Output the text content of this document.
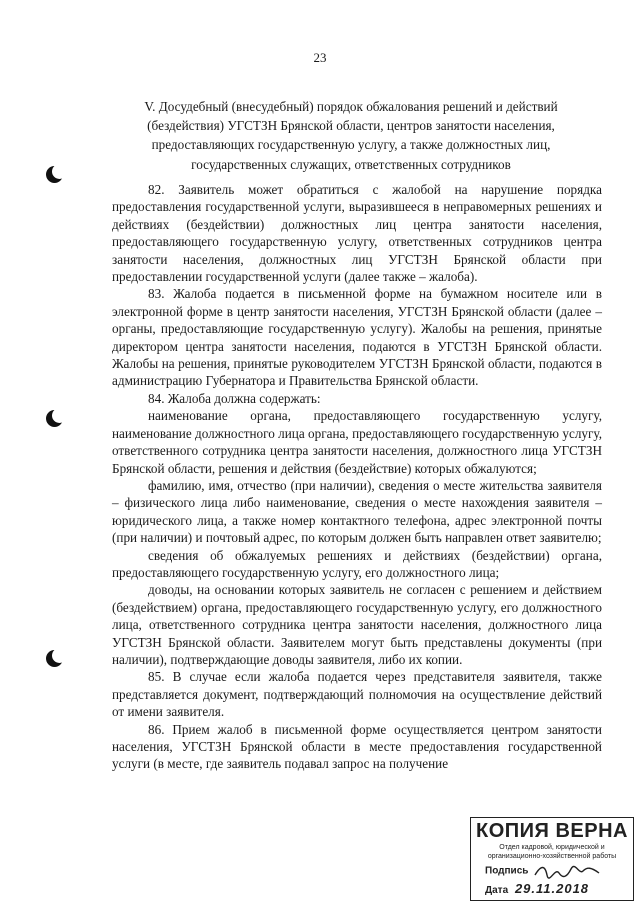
23
V. Досудебный (внесудебный) порядок обжалования решений и действий (бездействия) УГСТЗН Брянской области, центров занятости населения, предоставляющих государственную услугу, а также должностных лиц, государственных служащих, ответственных сотрудников

82. Заявитель может обратиться с жалобой на нарушение порядка предоставления государственной услуги, выразившееся в неправомерных решениях и действиях (бездействии) должностных лиц центра занятости населения, предоставляющего государственную услугу, ответственных сотрудников центра занятости населения, должностных лиц УГСТЗН Брянской области при предоставлении государственной услуги (далее также – жалоба).

83. Жалоба подается в письменной форме на бумажном носителе или в электронной форме в центр занятости населения, УГСТЗН Брянской области (далее – органы, предоставляющие государственную услугу). Жалобы на решения, принятые директором центра занятости населения, подаются в УГСТЗН Брянской области. Жалобы на решения, принятые руководителем УГСТЗН Брянской области, подаются в администрацию Губернатора и Правительства Брянской области.

84. Жалоба должна содержать:

наименование органа, предоставляющего государственную услугу, наименование должностного лица органа, предоставляющего государственную услугу, ответственного сотрудника центра занятости населения, должностного лица УГСТЗН Брянской области, решения и действия (бездействие) которых обжалуются;

фамилию, имя, отчество (при наличии), сведения о месте жительства заявителя – физического лица либо наименование, сведения о месте нахождения заявителя – юридического лица, а также номер контактного телефона, адрес электронной почты (при наличии) и почтовый адрес, по которым должен быть направлен ответ заявителю;

сведения об обжалуемых решениях и действиях (бездействии) органа, предоставляющего государственную услугу, его должностного лица;

доводы, на основании которых заявитель не согласен с решением и действием (бездействием) органа, предоставляющего государственную услугу, его должностного лица, ответственного сотрудника центра занятости населения, должностного лица УГСТЗН Брянской области. Заявителем могут быть представлены документы (при наличии), подтверждающие доводы заявителя, либо их копии.

85. В случае если жалоба подается через представителя заявителя, также представляется документ, подтверждающий полномочия на осуществление действий от имени заявителя.

86. Прием жалоб в письменной форме осуществляется центром занятости населения, УГСТЗН Брянской области в месте предоставления государственной услуги (в месте, где заявитель подавал запрос на получение

КОПИЯ ВЕРНА
Отдел кадровой, юридической и организационно-хозяйственной работы
Подпись
Дата 29.11.2018
